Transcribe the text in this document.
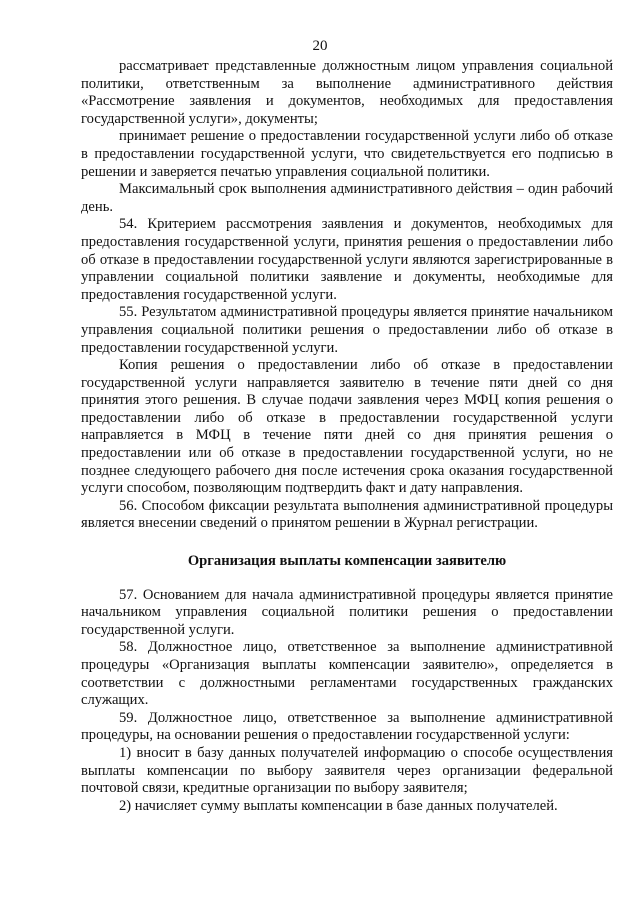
20

рассматривает представленные должностным лицом управления социальной политики, ответственным за выполнение административного действия «Рассмотрение заявления и документов, необходимых для предоставления государственной услуги», документы;

принимает решение о предоставлении государственной услуги либо об отказе в предоставлении государственной услуги, что свидетельствуется его подписью в решении и заверяется печатью управления социальной политики.

Максимальный срок выполнения административного действия – один рабочий день.

54. Критерием рассмотрения заявления и документов, необходимых для предоставления государственной услуги, принятия решения о предоставлении либо об отказе в предоставлении государственной услуги являются зарегистрированные в управлении социальной политики заявление и документы, необходимые для предоставления государственной услуги.

55. Результатом административной процедуры является принятие начальником управления социальной политики решения о предоставлении либо об отказе в предоставлении государственной услуги.

Копия решения о предоставлении либо об отказе в предоставлении государственной услуги направляется заявителю в течение пяти дней со дня принятия этого решения. В случае подачи заявления через МФЦ копия решения о предоставлении либо об отказе в предоставлении государственной услуги направляется в МФЦ в течение пяти дней со дня принятия решения о предоставлении или об отказе в предоставлении государственной услуги, но не позднее следующего рабочего дня после истечения срока оказания государственной услуги способом, позволяющим подтвердить факт и дату направления.

56. Способом фиксации результата выполнения административной процедуры является внесении сведений о принятом решении в Журнал регистрации.

Организация выплаты компенсации заявителю

57. Основанием для начала административной процедуры является принятие начальником управления социальной политики решения о предоставлении государственной услуги.

58. Должностное лицо, ответственное за выполнение административной процедуры «Организация выплаты компенсации заявителю», определяется в соответствии с должностными регламентами государственных гражданских служащих.

59. Должностное лицо, ответственное за выполнение административной процедуры, на основании решения о предоставлении государственной услуги:

1) вносит в базу данных получателей информацию о способе осуществления выплаты компенсации по выбору заявителя через организации федеральной почтовой связи, кредитные организации по выбору заявителя;

2) начисляет сумму выплаты компенсации в базе данных получателей.
